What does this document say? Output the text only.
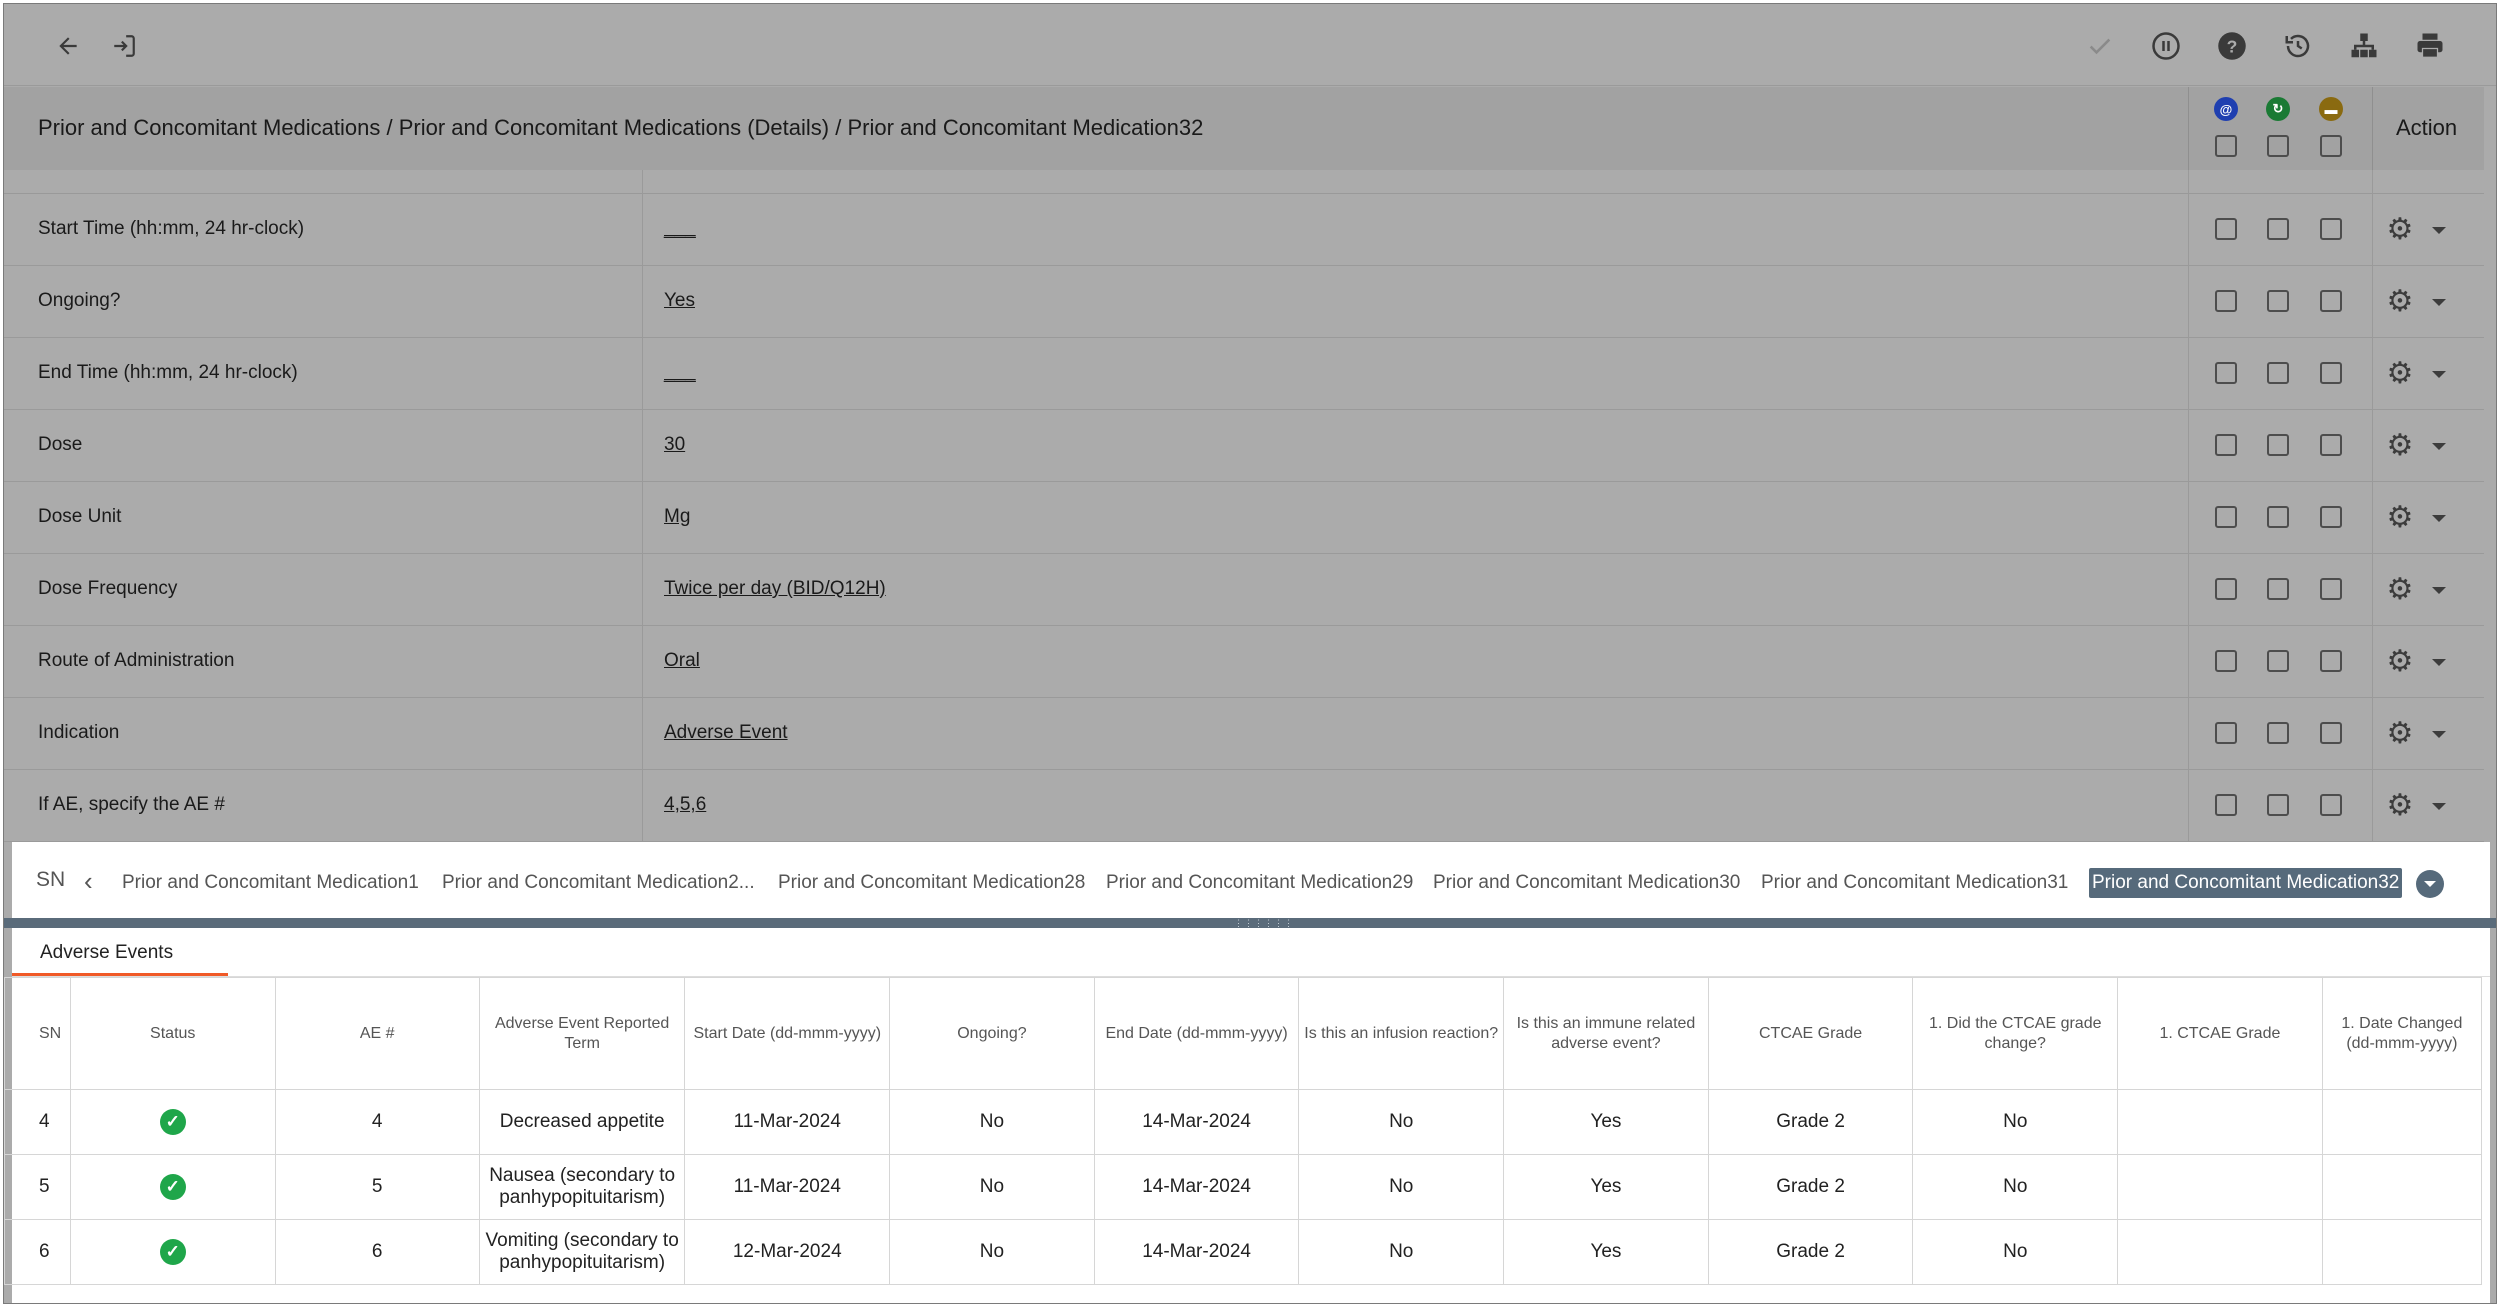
?
Prior and Concomitant Medications / Prior and Concomitant Medications (Details) / Prior and Concomitant Medication32
@	↻	▬
Action
Start Time (hh:mm, 24 hr-clock)	___	⚙
Ongoing?	Yes	⚙
End Time (hh:mm, 24 hr-clock)	___	⚙
Dose	30	⚙
Dose Unit	Mg	⚙
Dose Frequency	Twice per day (BID/Q12H)	⚙
Route of Administration	Oral	⚙
Indication	Adverse Event	⚙
If AE, specify the AE #	4,5,6	⚙
SN ‹ Prior and Concomitant Medication1 Prior and Concomitant Medication2... Prior and Concomitant Medication28 Prior and Concomitant Medication29 Prior and Concomitant Medication30 Prior and Concomitant Medication31 Prior and Concomitant Medication32
⋮⋮⋮⋮⋮⋮
Adverse Events
SN	Status	AE #	Adverse Event Reported Term	Start Date (dd-mmm-yyyy)	Ongoing?	End Date (dd-mmm-yyyy)	Is this an infusion reaction?	Is this an immune related adverse event?	CTCAE Grade	1. Did the CTCAE grade change?	1. CTCAE Grade	1. Date Changed (dd-mmm-yyyy)
4	✓	4	Decreased appetite	11-Mar-2024	No	14-Mar-2024	No	Yes	Grade 2	No		
5	✓	5	Nausea (secondary to panhypopituitarism)	11-Mar-2024	No	14-Mar-2024	No	Yes	Grade 2	No		
6	✓	6	Vomiting (secondary to panhypopituitarism)	12-Mar-2024	No	14-Mar-2024	No	Yes	Grade 2	No		
